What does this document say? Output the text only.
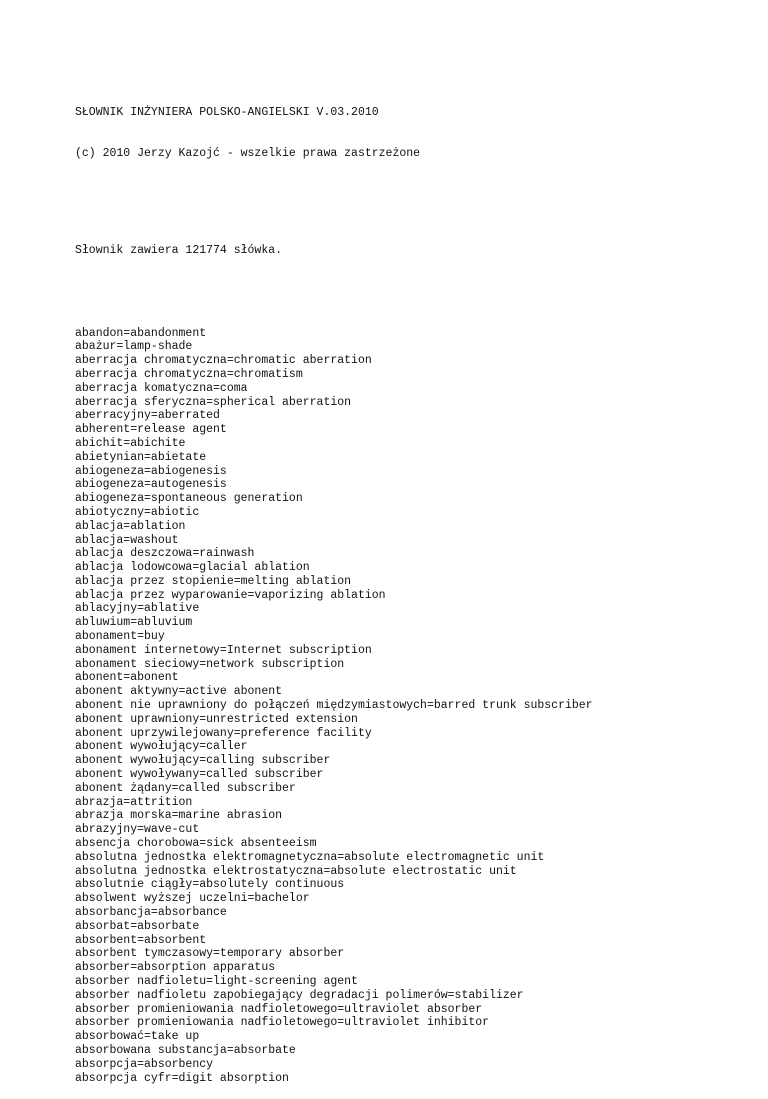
SŁOWNIK INŻYNIERA POLSKO-ANGIELSKI V.03.2010

(c) 2010 Jerzy Kazojć - wszelkie prawa zastrzeżone

Słownik zawiera 121774 słówka.

abandon=abandonment
abażur=lamp-shade
aberracja chromatyczna=chromatic aberration
aberracja chromatyczna=chromatism
aberracja komatyczna=coma
aberracja sferyczna=spherical aberration
aberracyjny=aberrated
abherent=release agent
abichit=abichite
abietynian=abietate
abiogeneza=abiogenesis
abiogeneza=autogenesis
abiogeneza=spontaneous generation
abiotyczny=abiotic
ablacja=ablation
ablacja=washout
ablacja deszczowa=rainwash
ablacja lodowcowa=glacial ablation
ablacja przez stopienie=melting ablation
ablacja przez wyparowanie=vaporizing ablation
ablacyjny=ablative
abluwium=abluvium
abonament=buy
abonament internetowy=Internet subscription
abonament sieciowy=network subscription
abonent=abonent
abonent aktywny=active abonent
abonent nie uprawniony do połączeń międzymiastowych=barred trunk subscriber
abonent uprawniony=unrestricted extension
abonent uprzywilejowany=preference facility
abonent wywołujący=caller
abonent wywołujący=calling subscriber
abonent wywoływany=called subscriber
abonent żądany=called subscriber
abrazja=attrition
abrazja morska=marine abrasion
abrazyjny=wave-cut
absencja chorobowa=sick absenteeism
absolutna jednostka elektromagnetyczna=absolute electromagnetic unit
absolutna jednostka elektrostatyczna=absolute electrostatic unit
absolutnie ciągły=absolutely continuous
absolwent wyższej uczelni=bachelor
absorbancja=absorbance
absorbat=absorbate
absorbent=absorbent
absorbent tymczasowy=temporary absorber
absorber=absorption apparatus
absorber nadfioletu=light-screening agent
absorber nadfioletu zapobiegający degradacji polimerów=stabilizer
absorber promieniowania nadfioletowego=ultraviolet absorber
absorber promieniowania nadfioletowego=ultraviolet inhibitor
absorbować=take up
absorbowana substancja=absorbate
absorpcja=absorbency
absorpcja cyfr=digit absorption
